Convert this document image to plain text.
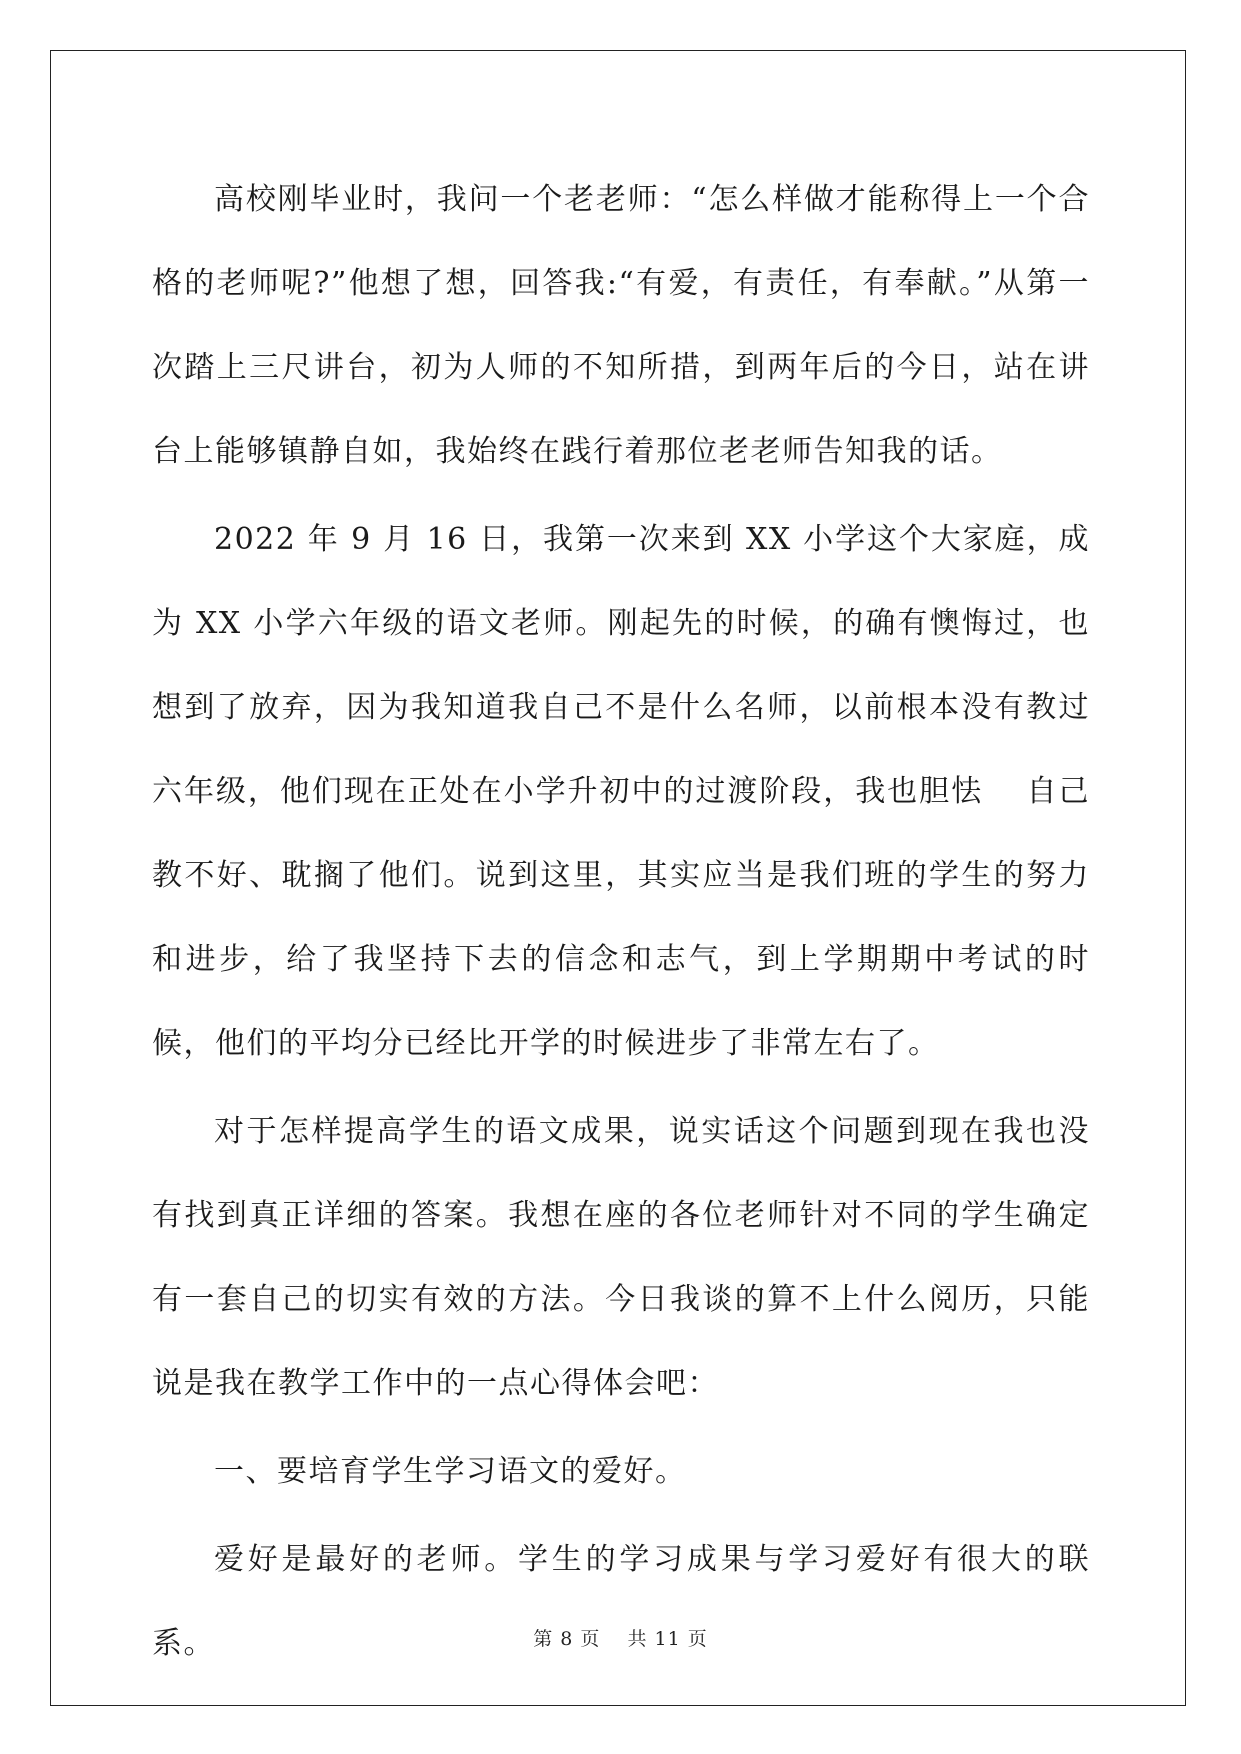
高校刚毕业时，我问一个老老师：“怎么样做才能称得上一个合格的老师呢?”他想了想，回答我:“有爱，有责任，有奉献。”从第一次踏上三尺讲台，初为人师的不知所措，到两年后的今日，站在讲台上能够镇静自如，我始终在践行着那位老老师告知我的话。

2022 年 9 月 16 日，我第一次来到 XX 小学这个大家庭，成为 XX 小学六年级的语文老师。刚起先的时候，的确有懊悔过，也想到了放弃，因为我知道我自己不是什么名师，以前根本没有教过六年级，他们现在正处在小学升初中的过渡阶段，我也胆怯　 自己教不好、耽搁了他们。说到这里，其实应当是我们班的学生的努力和进步，给了我坚持下去的信念和志气，到上学期期中考试的时候，他们的平均分已经比开学的时候进步了非常左右了。

对于怎样提高学生的语文成果，说实话这个问题到现在我也没有找到真正详细的答案。我想在座的各位老师针对不同的学生确定有一套自己的切实有效的方法。今日我谈的算不上什么阅历，只能说是我在教学工作中的一点心得体会吧：

一、要培育学生学习语文的爱好。

爱好是最好的老师。学生的学习成果与学习爱好有很大的联系。	第 8 页　 共 11 页
